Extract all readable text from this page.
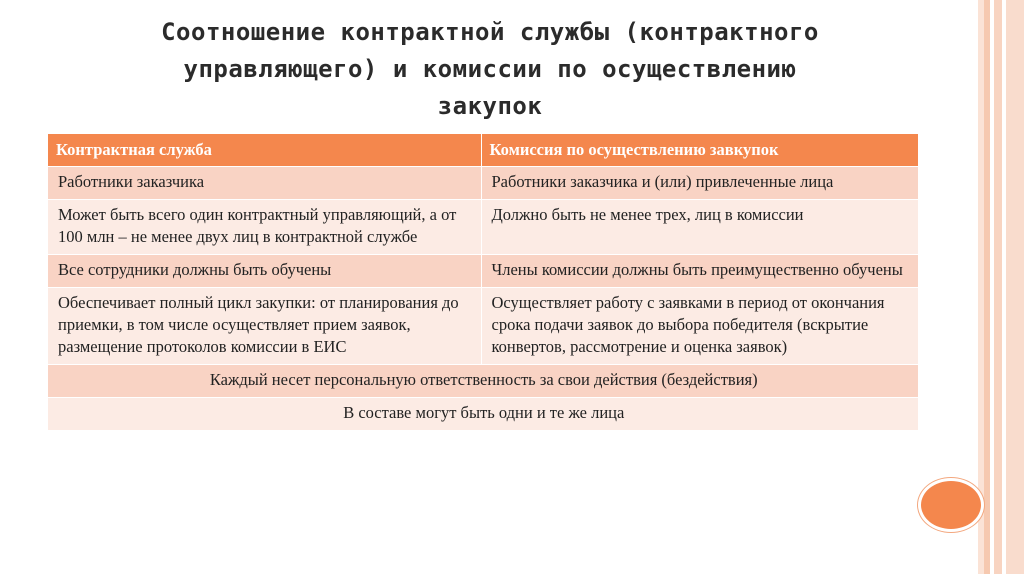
Соотношение контрактной службы (контрактного
управляющего) и комиссии по осуществлению
закупок
Контрактная служба	Комиссия по осуществлению завкупок
Работники заказчика	Работники заказчика и (или) привлеченные лица
Может быть всего один контрактный управляющий, а от 100 млн – не менее двух лиц в контрактной службе	Должно быть не менее трех, лиц в комиссии
Все сотрудники должны быть обучены	Члены комиссии должны быть преимущественно обучены
Обеспечивает полный цикл закупки: от планирования до приемки, в том числе осуществляет прием заявок, размещение протоколов комиссии в ЕИС	Осуществляет работу с заявками в период от окончания срока подачи заявок до выбора победителя (вскрытие конвертов, рассмотрение и оценка заявок)
Каждый несет персональную ответственность за свои действия (бездействия)	
В составе могут быть одни и те же лица	
